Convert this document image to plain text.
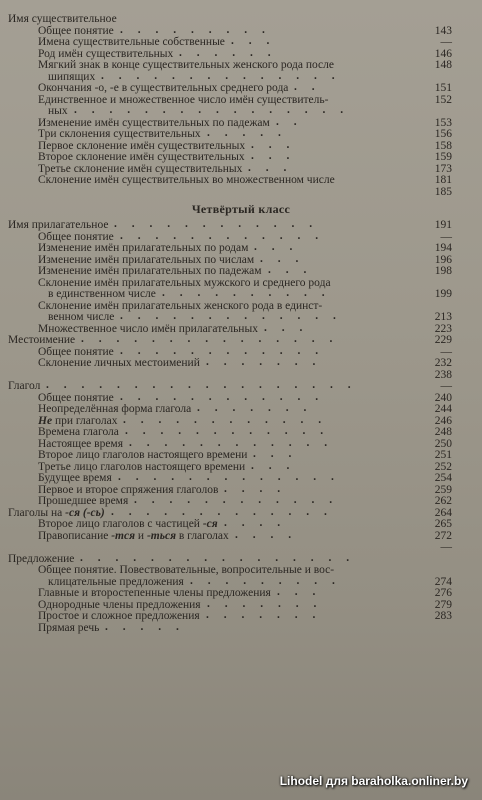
Имя существительное
Общее понятие . . . . . . . . .	143
Имена существительные собственные . . .	—
Род имён существительных . . . . . .	146
Мягкий знак в конце существительных женского рода после	148
шипящих . . . . . . . . . . . . . .
Окончания -о, -е в существительных среднего рода . .	151
Единственное и множественное число имён существитель-	152
ных . . . . . . . . . . . . . . . .
Изменение имён существительных по падежам . .	153
Три склонения существительных . . . . .	156
Первое склонение имён существительных . . .	158
Второе склонение имён существительных . . .	159
Третье склонение имён существительных . . .	173
Склонение имён существительных во множественном числе	181
185
Четвёртый класс
Имя прилагательное . . . . . . . . . . . .	191
Общее понятие . . . . . . . . . . . .	—
Изменение имён прилагательных по родам . . .	194
Изменение имён прилагательных по числам . . .	196
Изменение имён прилагательных по падежам . . .	198
Склонение имён прилагательных мужского и среднего рода
в единственном числе . . . . . . . . . .	199
Склонение имён прилагательных женского рода в единст-
венном числе . . . . . . . . . . . . .	213
Множественное число имён прилагательных . . .	223
Местоимение . . . . . . . . . . . . . . .	229
Общее понятие . . . . . . . . . . . .	—
Склонение личных местоимений . . . . . . .	232
238
Глагол . . . . . . . . . . . . . . . . . .	—
Общее понятие . . . . . . . . . . . .	240
Неопределённая форма глагола . . . . . . .	244
Не при глаголах . . . . . . . . . . . .	246
Времена глагола . . . . . . . . . . . .	248
Настоящее время . . . . . . . . . . . .	250
Второе лицо глаголов настоящего времени . . .	251
Третье лицо глаголов настоящего времени . . .	252
Будущее время . . . . . . . . . . . . .	254
Первое и второе спряжения глаголов . . . .	259
Прошедшее время . . . . . . . . . . . .	262
Глаголы на -ся (-сь) . . . . . . . . . . . . .	264
Второе лицо глаголов с частицей -ся . . . .	265
Правописание -тся и -ться в глаголах . . . .	272
—
Предложение . . . . . . . . . . . . . . . .
Общее понятие. Повествовательные, вопросительные и вос-
клицательные предложения . . . . . . . . .	274
Главные и второстепенные члены предложения . . .	276
Однородные члены предложения . . . . . . .	279
Простое и сложное предложения . . . . . . .	283
Прямая речь . . . . .
Lihodel для baraholka.onliner.by
